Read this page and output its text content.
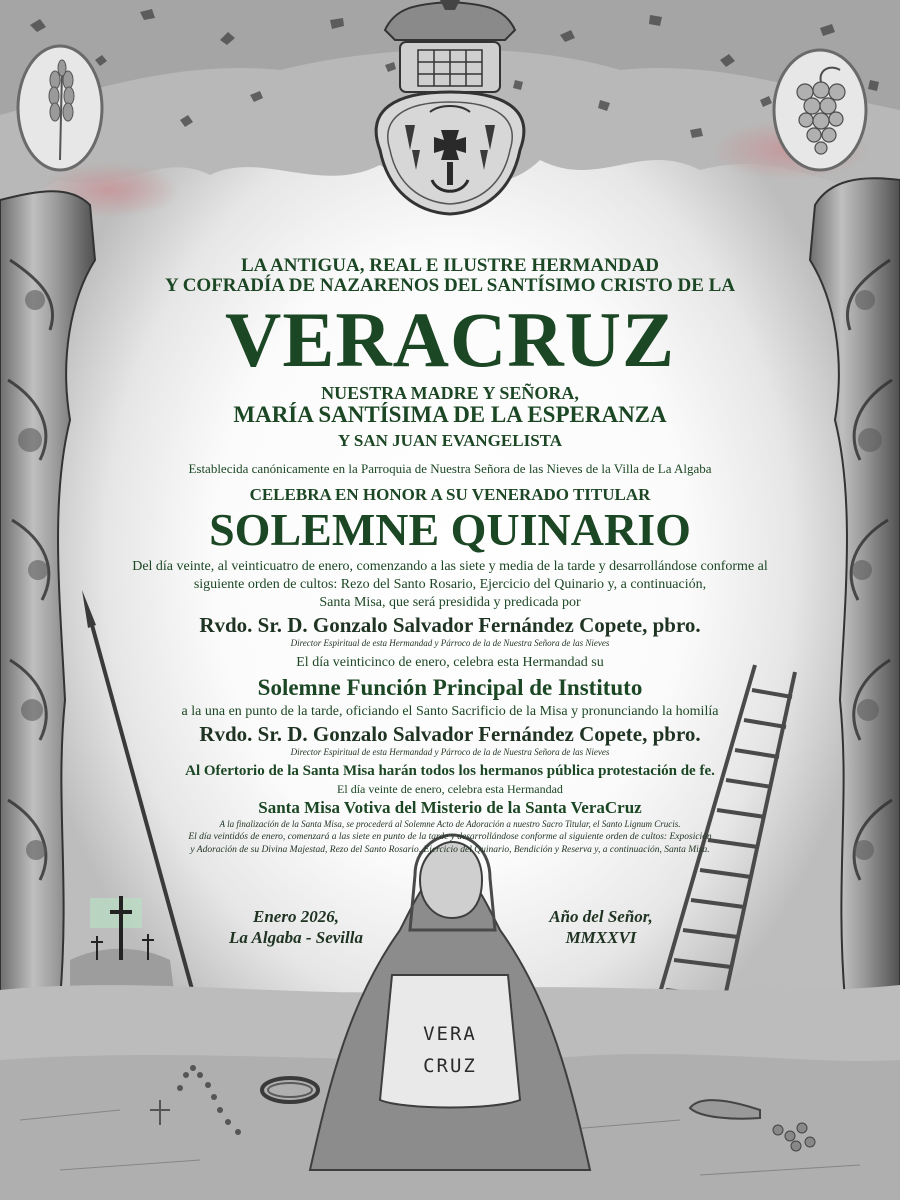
VERA
CRUZ

LA ANTIGUA, REAL E ILUSTRE HERMANDAD

Y COFRADÍA DE NAZARENOS DEL SANTÍSIMO CRISTO DE LA

VERACRUZ

NUESTRA MADRE Y SEÑORA,

MARÍA SANTÍSIMA DE LA ESPERANZA

Y SAN JUAN EVANGELISTA

Establecida canónicamente en la Parroquia de Nuestra Señora de las Nieves de la Villa de La Algaba

CELEBRA EN HONOR A SU VENERADO TITULAR

SOLEMNE QUINARIO

Del día veinte, al veinticuatro de enero, comenzando a las siete y media de la tarde y desarrollándose conforme al

siguiente orden de cultos: Rezo del Santo Rosario, Ejercicio del Quinario y, a continuación,

Santa Misa, que será presidida y predicada por

Rvdo. Sr. D. Gonzalo Salvador Fernández Copete, pbro.

Director Espiritual de esta Hermandad y Párroco de la de Nuestra Señora de las Nieves

El día veinticinco de enero, celebra esta Hermandad su

Solemne Función Principal de Instituto

a la una en punto de la tarde, oficiando el Santo Sacrificio de la Misa y pronunciando la homilía

Rvdo. Sr. D. Gonzalo Salvador Fernández Copete, pbro.

Director Espiritual de esta Hermandad y Párroco de la de Nuestra Señora de las Nieves

Al Ofertorio de la Santa Misa harán todos los hermanos pública protestación de fe.

El día veinte de enero, celebra esta Hermandad

Santa Misa Votiva del Misterio de la Santa VeraCruz

A la finalización de la Santa Misa, se procederá al Solemne Acto de Adoración a nuestro Sacro Titular, el Santo Lignum Crucis.

El día veintidós de enero, comenzará a las siete en punto de la tarde y desarrollándose conforme al siguiente orden de cultos: Exposición

y Adoración de su Divina Majestad, Rezo del Santo Rosario, Ejercicio del Quinario, Bendición y Reserva y, a continuación, Santa Misa.

Enero 2026,
La Algaba - Sevilla
Año del Señor,
MMXXVI
